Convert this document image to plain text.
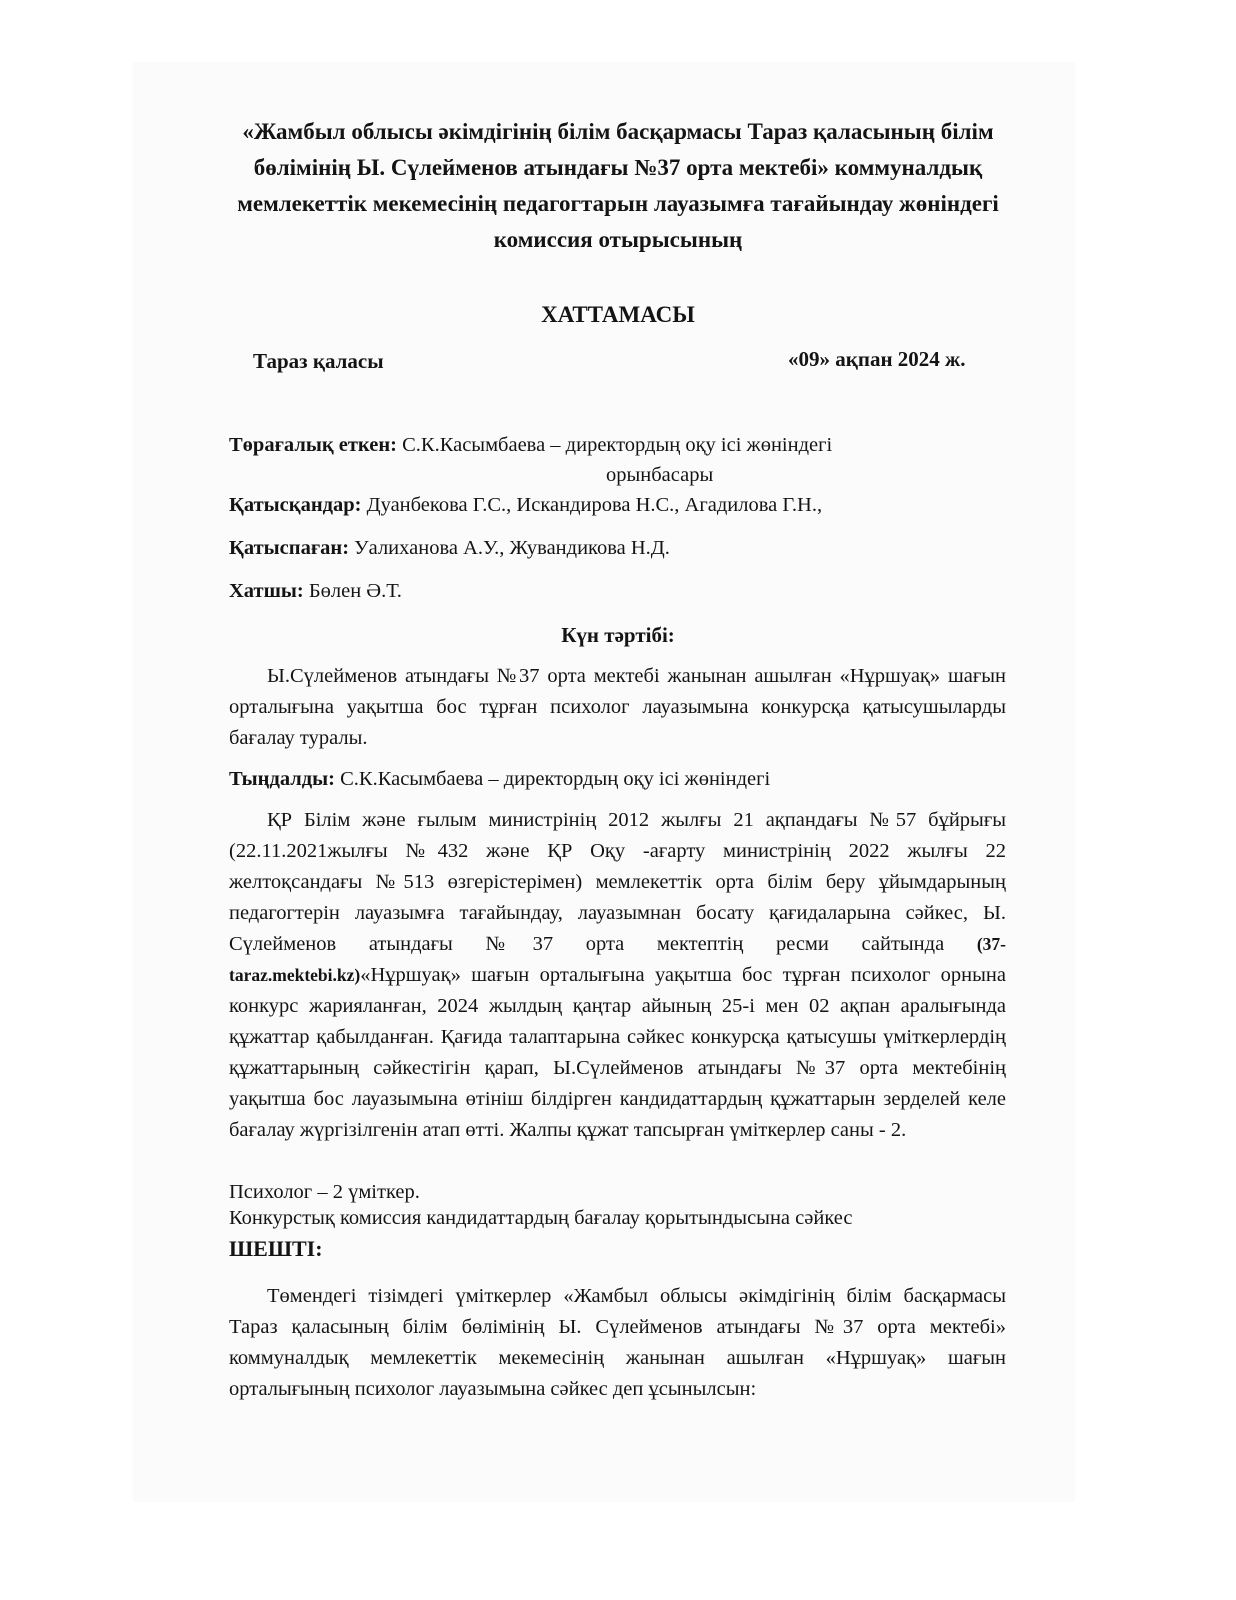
«Жамбыл облысы әкімдігінің білім басқармасы Тараз қаласының білім бөлімінің Ы. Сүлейменов атындағы №37 орта мектебі» коммуналдық мемлекеттік мекемесінің педагогтарын лауазымға тағайындау жөніндегі комиссия отырысының
ХАТТАМАСЫ
Тараз қаласы	«09» ақпан 2024 ж.
Төрағалық еткен: С.К.Касымбаева – директордың оқу ісі жөніндегі
орынбасары
Қатысқандар: Дуанбекова Г.С., Искандирова Н.С., Агадилова Г.Н.,
Қатыспаған: Уалиханова А.У., Жувандикова Н.Д.
Хатшы: Бөлен Ә.Т.
Күн тәртібі:
Ы.Сүлейменов атындағы №37 орта мектебі жанынан ашылған «Нұршуақ» шағын орталығына уақытша бос тұрған психолог лауазымына конкурсқа қатысушыларды бағалау туралы.
Тыңдалды: С.К.Касымбаева – директордың оқу ісі жөніндегі
ҚР Білім және ғылым министрінің 2012 жылғы 21 ақпандағы №57 бұйрығы (22.11.2021жылғы №432 және ҚР Оқу -ағарту министрінің 2022 жылғы 22 желтоқсандағы №513 өзгерістерімен) мемлекеттік орта білім беру ұйымдарының педагогтерін лауазымға тағайындау, лауазымнан босату қағидаларына сәйкес, Ы. Сүлейменов атындағы №37 орта мектептің ресми сайтында (37-taraz.mektebi.kz)«Нұршуақ» шағын орталығына уақытша бос тұрған психолог орнына конкурс жарияланған, 2024 жылдың қаңтар айының 25-і мен 02 ақпан аралығында құжаттар қабылданған. Қағида талаптарына сәйкес конкурсқа қатысушы үміткерлердің құжаттарының сәйкестігін қарап, Ы.Сүлейменов атындағы №37 орта мектебінің уақытша бос лауазымына өтініш білдірген кандидаттардың құжаттарын зерделей келе бағалау жүргізілгенін атап өтті. Жалпы құжат тапсырған үміткерлер саны - 2.
Психолог – 2 үміткер.
Конкурстық комиссия кандидаттардың бағалау қорытындысына сәйкес
ШЕШТІ:
Төмендегі тізімдегі үміткерлер «Жамбыл облысы әкімдігінің білім басқармасы Тараз қаласының білім бөлімінің Ы. Сүлейменов атындағы №37 орта мектебі» коммуналдық мемлекеттік мекемесінің жанынан ашылған «Нұршуақ» шағын орталығының психолог лауазымына сәйкес деп ұсынылсын:
